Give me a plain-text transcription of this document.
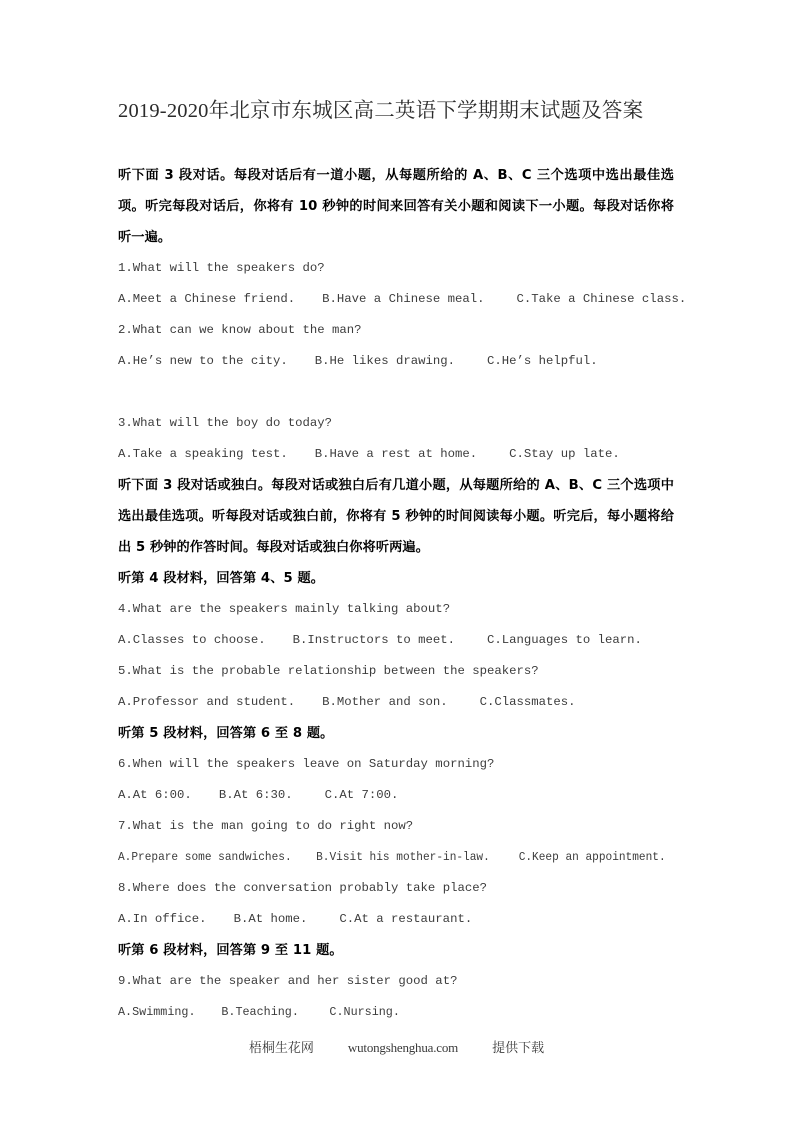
2019-2020年北京市东城区高二英语下学期期末试题及答案

听下面 3 段对话。每段对话后有一道小题，从每题所给的 A、B、C 三个选项中选出最佳选项。听完每段对话后，你将有 10 秒钟的时间来回答有关小题和阅读下一小题。每段对话你将听一遍。

1.What will the speakers do?

A.Meet a Chinese friend. B.Have a Chinese meal.	C.Take a Chinese class.

2.What can we know about the man?

A.He’s new to the city. B.He likes drawing.	C.He’s helpful.

3.What will the boy do today?

A.Take a speaking test. B.Have a rest at home.	C.Stay up late.

听下面 3 段对话或独白。每段对话或独白后有几道小题，从每题所给的 A、B、C 三个选项中选出最佳选项。听每段对话或独白前，你将有 5 秒钟的时间阅读每小题。听完后，每小题将给出 5 秒钟的作答时间。每段对话或独白你将听两遍。

听第 4 段材料，回答第 4、5 题。

4.What are the speakers mainly talking about?

A.Classes to choose. B.Instructors to meet.	C.Languages to learn.

5.What is the probable relationship between the speakers?

A.Professor and student. B.Mother and son.	C.Classmates.

听第 5 段材料，回答第 6 至 8 题。

6.When will the speakers leave on Saturday morning?

A.At 6:00. B.At 6:30.	C.At 7:00.

7.What is the man going to do right now?

A.Prepare some sandwiches. B.Visit his mother-in-law. C.Keep an appointment.

8.Where does the conversation probably take place?

A.In office. B.At home.	C.At a restaurant.

听第 6 段材料，回答第 9 至 11 题。

9.What are the speaker and her sister good at?

A.Swimming. B.Teaching. C.Nursing.

梧桐生花网	wutongshenghua.com	提供下载
